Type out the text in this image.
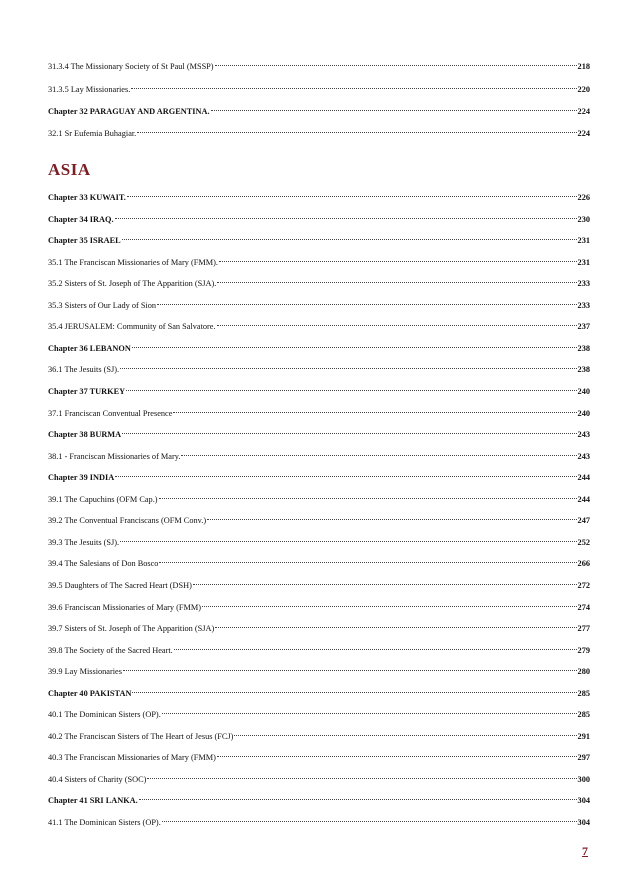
31.3.4 The Missionary Society of St Paul (MSSP)	218
31.3.5 Lay Missionaries.	220
Chapter 32 PARAGUAY AND ARGENTINA.	224
32.1 Sr Eufemia Buhagiar.	224
ASIA
Chapter 33 KUWAIT.	226
Chapter 34 IRAQ.	230
Chapter 35 ISRAEL	231
35.1 The Franciscan Missionaries of Mary (FMM).	231
35.2 Sisters of St. Joseph of The Apparition (SJA).	233
35.3 Sisters of Our Lady of Sion	233
35.4 JERUSALEM: Community of San Salvatore.	237
Chapter 36 LEBANON	238
36.1 The Jesuits (SJ).	238
Chapter 37 TURKEY	240
37.1 Franciscan Conventual Presence	240
Chapter 38 BURMA	243
38.1 - Franciscan Missionaries of Mary.	243
Chapter 39 INDIA	244
39.1 The Capuchins (OFM Cap.)	244
39.2 The Conventual Franciscans (OFM Conv.)	247
39.3 The Jesuits (SJ).	252
39.4 The Salesians of Don Bosco	266
39.5 Daughters of The Sacred Heart (DSH)	272
39.6 Franciscan Missionaries of Mary (FMM)	274
39.7 Sisters of St. Joseph of The Apparition (SJA)	277
39.8 The Society of the Sacred Heart.	279
39.9 Lay Missionaries	280
Chapter 40 PAKISTAN	285
40.1 The Dominican Sisters (OP).	285
40.2 The Franciscan Sisters of The Heart of Jesus (FCJ)	291
40.3 The Franciscan Missionaries of Mary (FMM)	297
40.4 Sisters of Charity (SOC)	300
Chapter 41 SRI LANKA.	304
41.1 The Dominican Sisters (OP).	304
7
